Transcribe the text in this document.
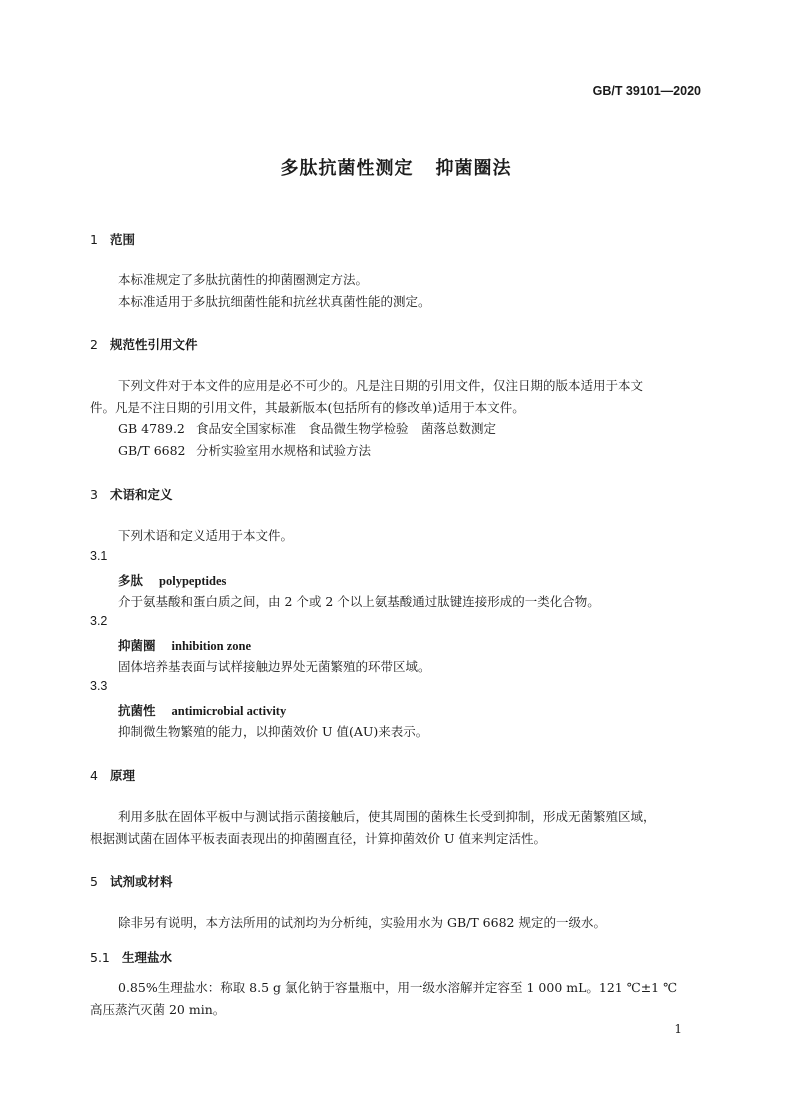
GB/T 39101—2020
多肽抗菌性测定 抑菌圈法
1 范围
本标准规定了多肽抗菌性的抑菌圈测定方法。
本标准适用于多肽抗细菌性能和抗丝状真菌性能的测定。
2 规范性引用文件
下列文件对于本文件的应用是必不可少的。凡是注日期的引用文件，仅注日期的版本适用于本文
件。凡是不注日期的引用文件，其最新版本(包括所有的修改单)适用于本文件。
GB 4789.2 食品安全国家标准　食品微生物学检验　菌落总数测定
GB/T 6682 分析实验室用水规格和试验方法
3 术语和定义
下列术语和定义适用于本文件。
3.1
多肽 polypeptides
介于氨基酸和蛋白质之间，由 2 个或 2 个以上氨基酸通过肽键连接形成的一类化合物。
3.2
抑菌圈 inhibition zone
固体培养基表面与试样接触边界处无菌繁殖的环带区域。
3.3
抗菌性 antimicrobial activity
抑制微生物繁殖的能力，以抑菌效价 U 值(AU)来表示。
4 原理
利用多肽在固体平板中与测试指示菌接触后，使其周围的菌株生长受到抑制，形成无菌繁殖区域，
根据测试菌在固体平板表面表现出的抑菌圈直径，计算抑菌效价 U 值来判定活性。
5 试剂或材料
除非另有说明，本方法所用的试剂均为分析纯，实验用水为 GB/T 6682 规定的一级水。
5.1 生理盐水
0.85%生理盐水：称取 8.5 g 氯化钠于容量瓶中，用一级水溶解并定容至 1 000 mL。121 ℃±1 ℃
高压蒸汽灭菌 20 min。
1
